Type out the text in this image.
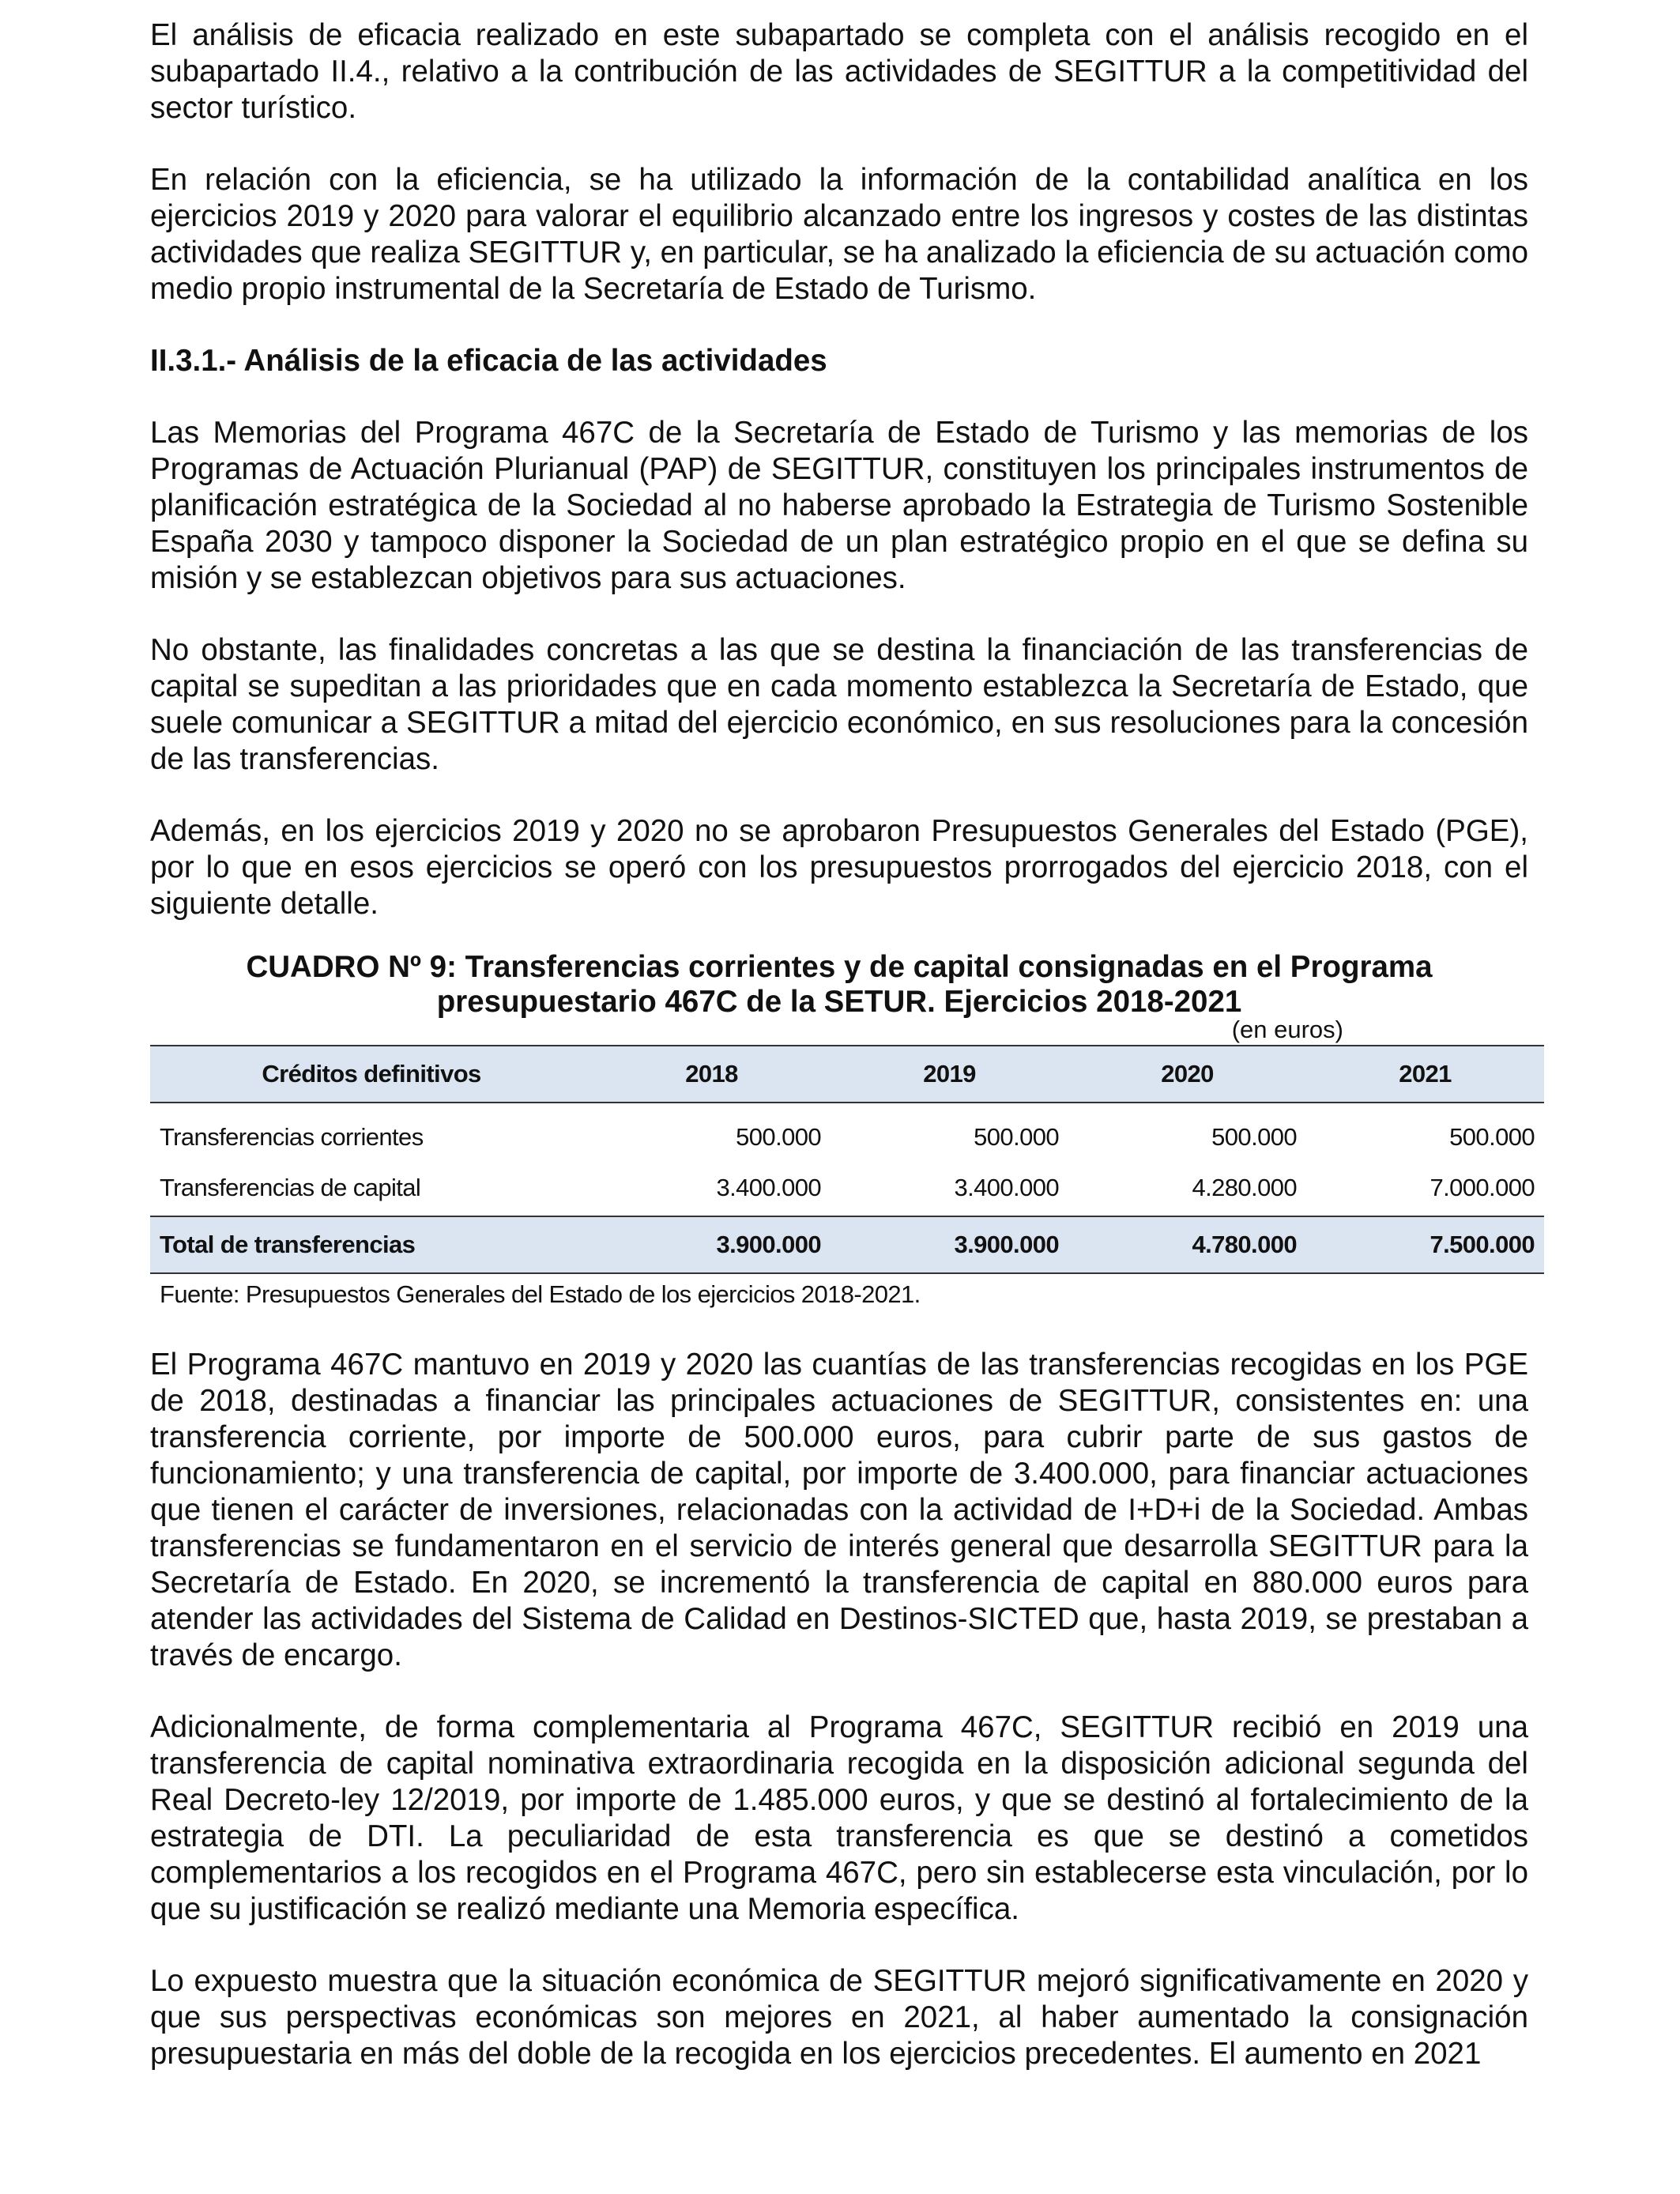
El análisis de eficacia realizado en este subapartado se completa con el análisis recogido en el subapartado II.4., relativo a la contribución de las actividades de SEGITTUR a la competitividad del sector turístico.

En relación con la eficiencia, se ha utilizado la información de la contabilidad analítica en los ejercicios 2019 y 2020 para valorar el equilibrio alcanzado entre los ingresos y costes de las distintas actividades que realiza SEGITTUR y, en particular, se ha analizado la eficiencia de su actuación como medio propio instrumental de la Secretaría de Estado de Turismo.

II.3.1.- Análisis de la eficacia de las actividades

Las Memorias del Programa 467C de la Secretaría de Estado de Turismo y las memorias de los Programas de Actuación Plurianual (PAP) de SEGITTUR, constituyen los principales instrumentos de planificación estratégica de la Sociedad al no haberse aprobado la Estrategia de Turismo Sostenible España 2030 y tampoco disponer la Sociedad de un plan estratégico propio en el que se defina su misión y se establezcan objetivos para sus actuaciones.

No obstante, las finalidades concretas a las que se destina la financiación de las transferencias de capital se supeditan a las prioridades que en cada momento establezca la Secretaría de Estado, que suele comunicar a SEGITTUR a mitad del ejercicio económico, en sus resoluciones para la concesión de las transferencias.

Además, en los ejercicios 2019 y 2020 no se aprobaron Presupuestos Generales del Estado (PGE), por lo que en esos ejercicios se operó con los presupuestos prorrogados del ejercicio 2018, con el siguiente detalle.

CUADRO Nº 9: Transferencias corrientes y de capital consignadas en el Programa
presupuestario 467C de la SETUR. Ejercicios 2018-2021
(en euros)
Créditos definitivos	2018	2019	2020	2021
Transferencias corrientes	500.000	500.000	500.000	500.000
Transferencias de capital	3.400.000	3.400.000	4.280.000	7.000.000
Total de transferencias	3.900.000	3.900.000	4.780.000	7.500.000
Fuente: Presupuestos Generales del Estado de los ejercicios 2018-2021.

El Programa 467C mantuvo en 2019 y 2020 las cuantías de las transferencias recogidas en los PGE de 2018, destinadas a financiar las principales actuaciones de SEGITTUR, consistentes en: una transferencia corriente, por importe de 500.000 euros, para cubrir parte de sus gastos de funcionamiento; y una transferencia de capital, por importe de 3.400.000, para financiar actuaciones que tienen el carácter de inversiones, relacionadas con la actividad de I+D+i de la Sociedad. Ambas transferencias se fundamentaron en el servicio de interés general que desarrolla SEGITTUR para la Secretaría de Estado. En 2020, se incrementó la transferencia de capital en 880.000 euros para atender las actividades del Sistema de Calidad en Destinos-SICTED que, hasta 2019, se prestaban a través de encargo.

Adicionalmente, de forma complementaria al Programa 467C, SEGITTUR recibió en 2019 una transferencia de capital nominativa extraordinaria recogida en la disposición adicional segunda del Real Decreto-ley 12/2019, por importe de 1.485.000 euros, y que se destinó al fortalecimiento de la estrategia de DTI. La peculiaridad de esta transferencia es que se destinó a cometidos complementarios a los recogidos en el Programa 467C, pero sin establecerse esta vinculación, por lo que su justificación se realizó mediante una Memoria específica.

Lo expuesto muestra que la situación económica de SEGITTUR mejoró significativamente en 2020 y que sus perspectivas económicas son mejores en 2021, al haber aumentado la consignación presupuestaria en más del doble de la recogida en los ejercicios precedentes. El aumento en 2021
